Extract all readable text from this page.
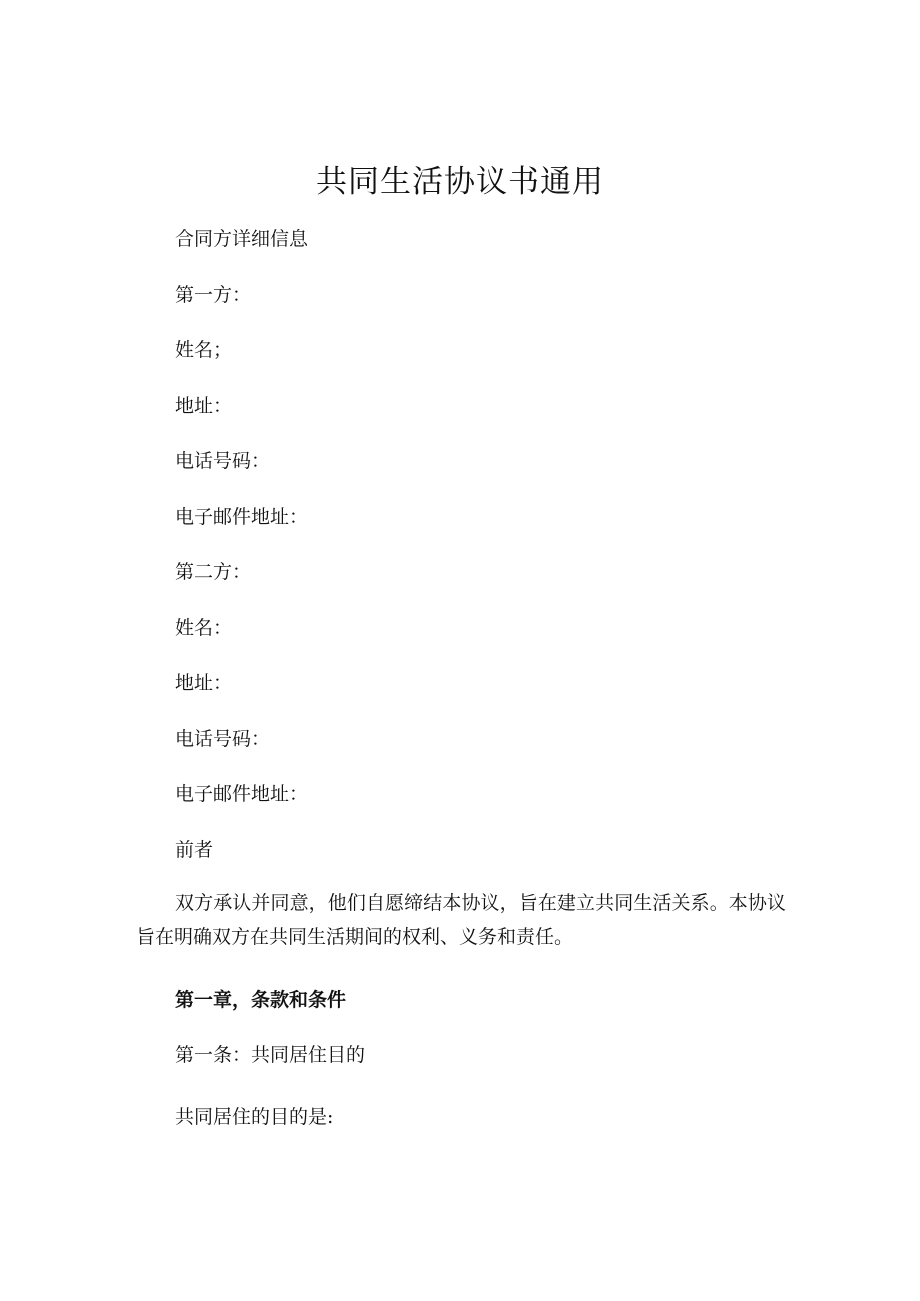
共同生活协议书通用

合同方详细信息

第一方：

姓名；

地址：

电话号码：

电子邮件地址：

第二方：

姓名：

地址：

电话号码：

电子邮件地址：

前者

双方承认并同意，他们自愿缔结本协议，旨在建立共同生活关系。本协议旨在明确双方在共同生活期间的权利、义务和责任。

第一章，条款和条件

第一条：共同居住目的

共同居住的目的是:
